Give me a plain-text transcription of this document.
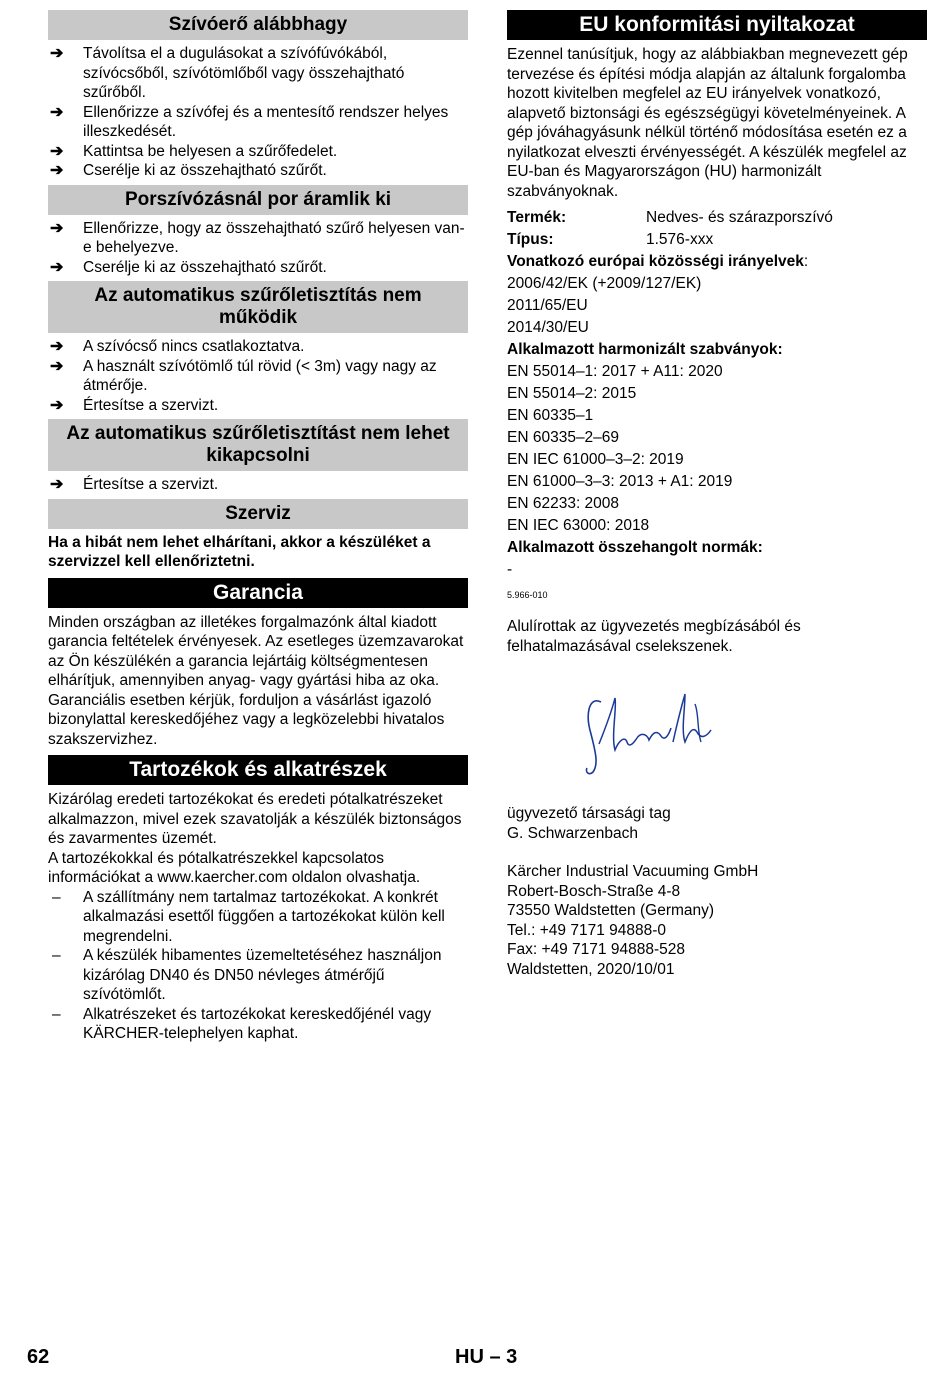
Szívóerő alábbhagy
➔ Távolítsa el a dugulásokat a szívófúvókából, szívócsőből, szívótömlőből vagy összehajtható szűrőből.
➔ Ellenőrizze a szívófej és a mentesítő rendszer helyes illeszkedését.
➔ Kattintsa be helyesen a szűrőfedelet.
➔ Cserélje ki az összehajtható szűrőt.
Porszívózásnál por áramlik ki
➔ Ellenőrizze, hogy az összehajtható szűrő helyesen van-e behelyezve.
➔ Cserélje ki az összehajtható szűrőt.
Az automatikus szűrőletisztítás nem működik
➔ A szívócső nincs csatlakoztatva.
➔ A használt szívótömlő túl rövid (< 3m) vagy nagy az átmérője.
➔ Értesítse a szervizt.
Az automatikus szűrőletisztítást nem lehet kikapcsolni
➔ Értesítse a szervizt.
Szerviz

Ha a hibát nem lehet elhárítani, akkor a készüléket a szervizzel kell ellenőriztetni.

Garancia

Minden országban az illetékes forgalmazónk által kiadott garancia feltételek érvényesek. Az esetleges üzemzavarokat az Ön készülékén a garancia lejártáig költségmentesen elhárítjuk, amennyiben anyag- vagy gyártási hiba az oka. Garanciális esetben kérjük, forduljon a vásárlást igazoló bizonylattal kereskedőjéhez vagy a legközelebbi hivatalos szakszervizhez.

Tartozékok és alkatrészek

Kizárólag eredeti tartozékokat és eredeti pótalkatrészeket alkalmazzon, mivel ezek szavatolják a készülék biztonságos és zavarmentes üzemét.

A tartozékokkal és pótalkatrészekkel kapcsolatos információkat a www.kaercher.com oldalon olvashatja.

– A szállítmány nem tartalmaz tartozékokat. A konkrét alkalmazási esettől függően a tartozékokat külön kell megrendelni.
– A készülék hibamentes üzemeltetéséhez használjon kizárólag DN40 és DN50 névleges átmérőjű szívótömlőt.
– Alkatrészeket és tartozékokat kereskedőjénél vagy KÄRCHER-telephelyen kaphat.
EU konformitási nyiltakozat

Ezennel tanúsítjuk, hogy az alábbiakban megnevezett gép tervezése és építési módja alapján az általunk forgalomba hozott kivitelben megfelel az EU irányelvek vonatkozó, alapvető biztonsági és egészségügyi követelményeinek. A gép jóváhagyásunk nélkül történő módosítása esetén ez a nyilatkozat elveszti érvényességét. A készülék megfelel az EU-ban és Magyarországon (HU) harmonizált szabványoknak.

Termék:	Nedves- és szárazporszívó
Típus:	1.576-xxx
Vonatkozó európai közösségi irányelvek:
2006/42/EK (+2009/127/EK)
2011/65/EU
2014/30/EU
Alkalmazott harmonizált szabványok:
EN 55014–1: 2017 + A11: 2020
EN 55014–2: 2015
EN 60335–1
EN 60335–2–69
EN IEC 61000–3–2: 2019
EN 61000–3–3: 2013 + A1: 2019
EN 62233: 2008
EN IEC 63000: 2018
Alkalmazott összehangolt normák:
-
5.966-010

Alulírottak az ügyvezetés megbízásából és felhatalmazásával cselekszenek.

ügyvezető társasági tag

G. Schwarzenbach

Kärcher Industrial Vacuuming GmbH

Robert-Bosch-Straße 4-8

73550 Waldstetten (Germany)

Tel.: +49 7171 94888-0

Fax: +49 7171 94888-528

Waldstetten, 2020/10/01

62	HU – 3
